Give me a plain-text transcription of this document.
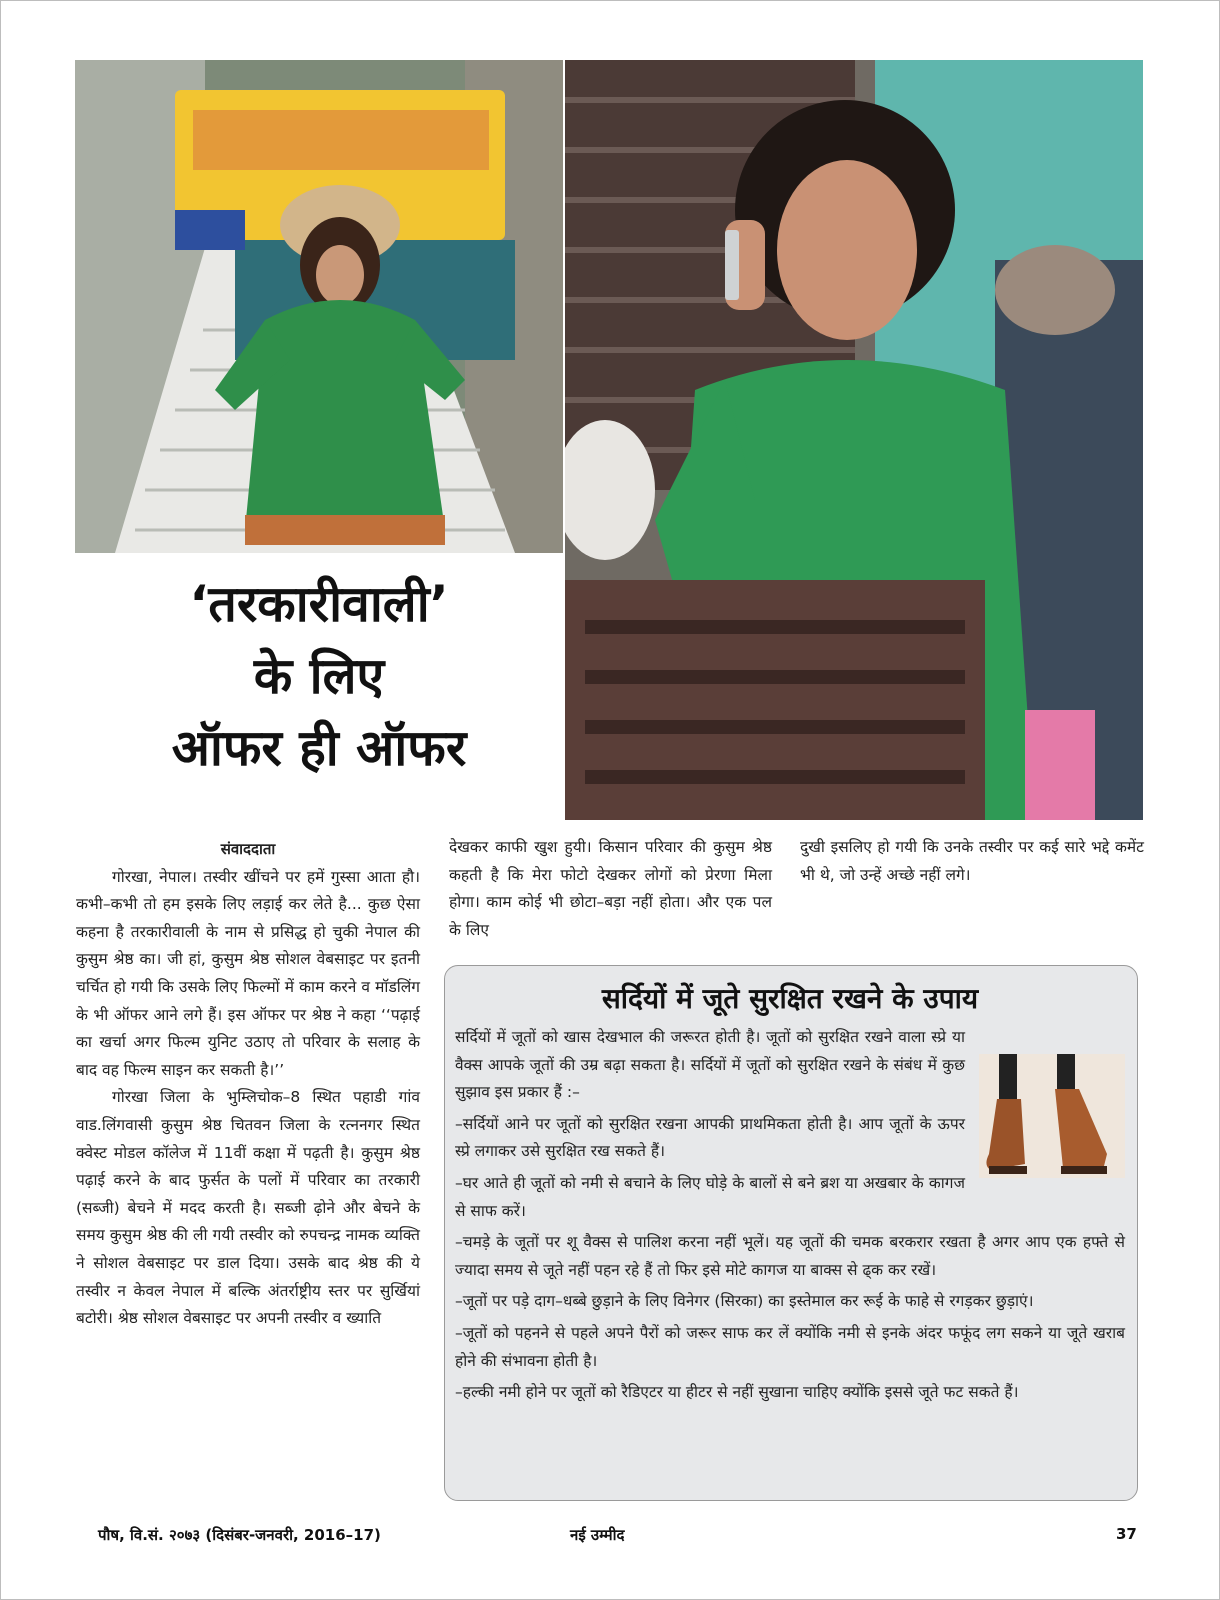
‘तरकारीवाली’
के लिए
ऑफर ही ऑफर

संवाददाता

गोरखा, नेपाल। तस्वीर खींचने पर हमें गुस्सा आता हौ। कभी–कभी तो हम इसके लिए लड़ाई कर लेते है... कुछ ऐसा कहना है तरकारीवाली के नाम से प्रसिद्ध हो चुकी नेपाल की कुसुम श्रेष्ठ का। जी हां, कुसुम श्रेष्ठ सोशल वेबसाइट पर इतनी चर्चित हो गयी कि उसके लिए फिल्मों में काम करने व मॉडलिंग के भी ऑफर आने लगे हैं। इस ऑफर पर श्रेष्ठ ने कहा ‘‘पढ़ाई का खर्चा अगर फिल्म युनिट उठाए तो परिवार के सलाह के बाद वह फिल्म साइन कर सकती है।’’

गोरखा जिला के भुम्लिचोक–8 स्थित पहाडी गांव वाड.लिंगवासी कुसुम श्रेष्ठ चितवन जिला के रत्ननगर स्थित क्वेस्ट मोडल कॉलेज में 11वीं कक्षा में पढ़ती है। कुसुम श्रेष्ठ पढ़ाई करने के बाद फुर्सत के पलों में परिवार का तरकारी (सब्जी) बेचने में मदद करती है। सब्जी ढ़ोने और बेचने के समय कुसुम श्रेष्ठ की ली गयी तस्वीर को रुपचन्द्र नामक व्यक्ति ने सोशल वेबसाइट पर डाल दिया। उसके बाद श्रेष्ठ की ये तस्वीर न केवल नेपाल में बल्कि अंतर्राष्ट्रीय स्तर पर सुर्खियां बटोरी। श्रेष्ठ सोशल वेबसाइट पर अपनी तस्वीर व ख्याति

देखकर काफी खुश हुयी। किसान परिवार की कुसुम श्रेष्ठ कहती है कि मेरा फोटो देखकर लोगों को प्रेरणा मिला होगा। काम कोई भी छोटा–बड़ा नहीं होता। और एक पल के लिए

दुखी इसलिए हो गयी कि उनके तस्वीर पर कई सारे भद्दे कमेंट भी थे, जो उन्हें अच्छे नहीं लगे।

सर्दियों में जूते सुरक्षित रखने के उपाय

सर्दियों में जूतों को खास देखभाल की जरूरत होती है। जूतों को सुरक्षित रखने वाला स्प्रे या वैक्स आपके जूतों की उम्र बढ़ा सकता है। सर्दियों में जूतों को सुरक्षित रखने के संबंध में कुछ सुझाव इस प्रकार हैं :–

–सर्दियों आने पर जूतों को सुरक्षित रखना आपकी प्राथमिकता होती है। आप जूतों के ऊपर स्प्रे लगाकर उसे सुरक्षित रख सकते हैं।

–घर आते ही जूतों को नमी से बचाने के लिए घोड़े के बालों से बने ब्रश या अखबार के कागज से साफ करें।

–चमड़े के जूतों पर शू वैक्स से पालिश करना नहीं भूलें। यह जूतों की चमक बरकरार रखता है अगर आप एक हफ्ते से ज्यादा समय से जूते नहीं पहन रहे हैं तो फिर इसे मोटे कागज या बाक्स से ढ्क कर रखें।

–जूतों पर पड़े दाग–धब्बे छुड़ाने के लिए विनेगर (सिरका) का इस्तेमाल कर रूई के फाहे से रगड़कर छुड़ाएं।

–जूतों को पहनने से पहले अपने पैरों को जरूर साफ कर लें क्योंकि नमी से इनके अंदर फफूंद लग सकने या जूते खराब होने की संभावना होती है।

–हल्की नमी होने पर जूतों को रैडिएटर या हीटर से नहीं सुखाना चाहिए क्योंकि इससे जूते फट सकते हैं।

पौष, वि.सं. २०७३ (दिसंबर-जनवरी, 2016–17)	नई उम्मीद	37
